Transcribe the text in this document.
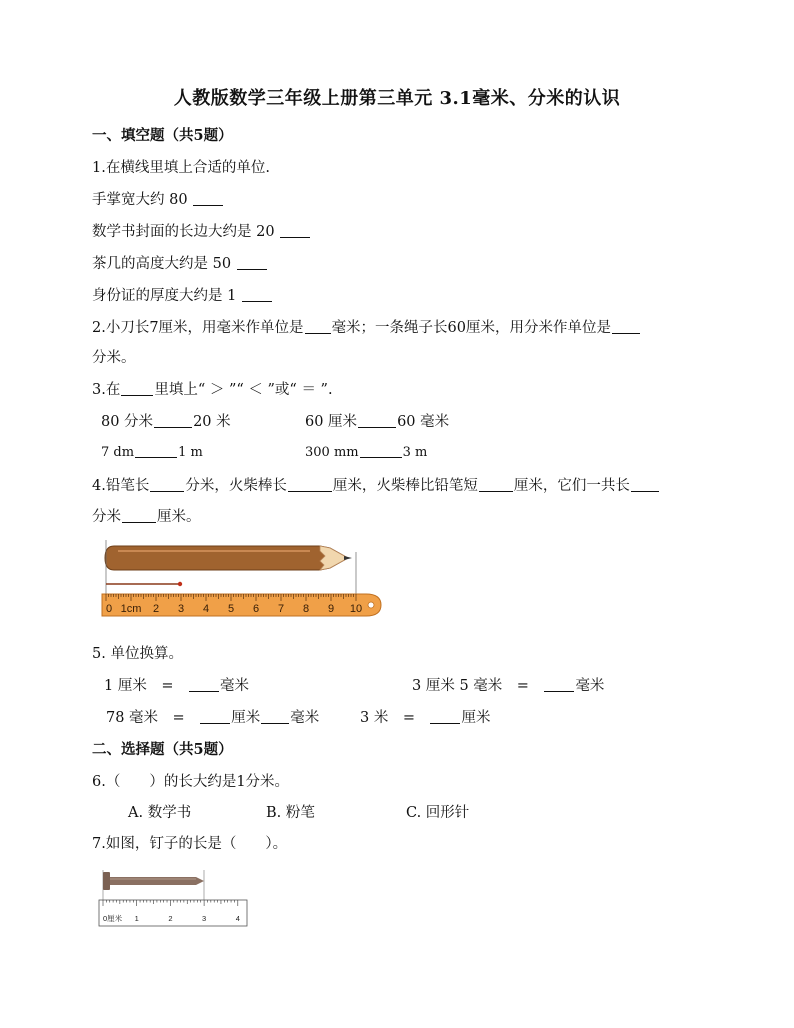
人教版数学三年级上册第三单元 3.1毫米、分米的认识
一、填空题（共5题）
1.在横线里填上合适的单位.
手掌宽大约 80
数学书封面的长边大约是 20
茶几的高度大约是 50
身份证的厚度大约是 1
2.小刀长7厘米，用毫米作单位是 毫米；一条绳子长60厘米，用分米作单位是
分米。
3.在 里填上“ ＞ ”“ ＜ ”或“ ＝ ”.
80 分米	20 米	60 厘米	60 毫米
7 dm	1 m	300 mm	3 m
4.铅笔长 分米，火柴棒长	厘米，火柴棒比铅笔短 厘米，它们一共长
分米 厘米。
0 1cm 2 3 4 5 6 7 8 9 10
5. 单位换算。
1 厘米　=　	毫米	3 厘米 5 毫米　=　	毫米
78 毫米　=　	厘米 毫米	3 米　=　	厘米
二、选择题（共5题）
6.（　　）的长大约是1分米。
A. 数学书	B. 粉笔	C. 回形针
7.如图，钉子的长是（　　）。
0厘米 1	2	3	4
